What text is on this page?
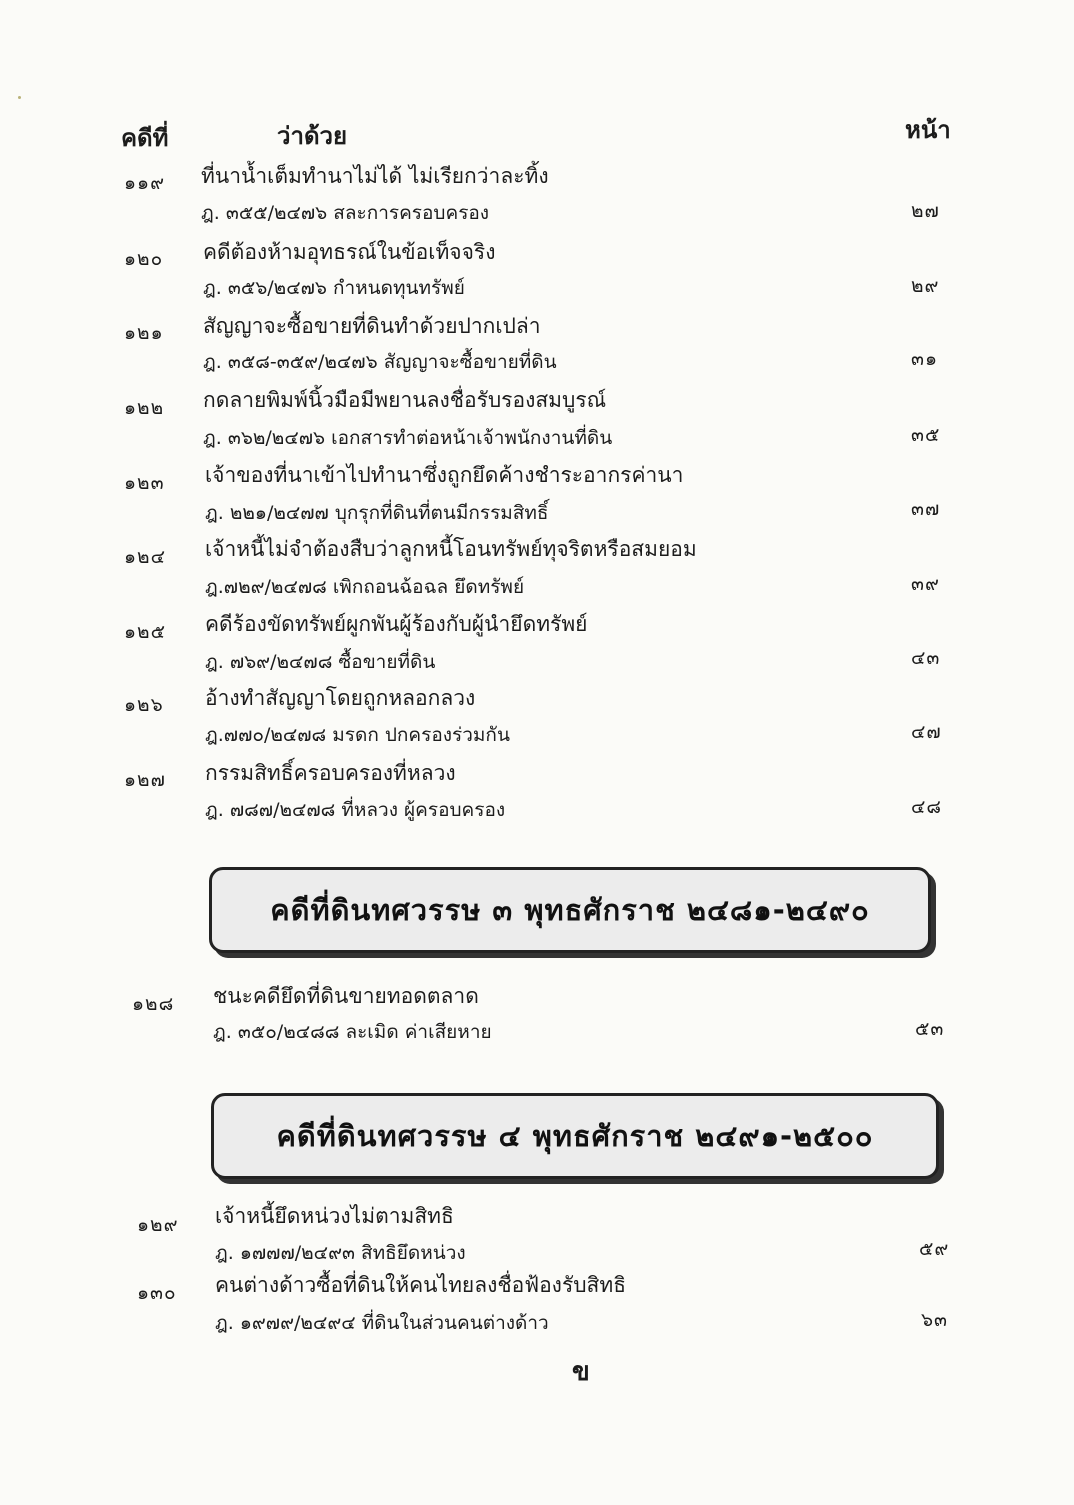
คดีที่	ว่าด้วย	หน้า
๑๑๙ ที่นาน้ำเต็มทำนาไม่ได้ ไม่เรียกว่าละทิ้ง
ฎ. ๓๕๕/๒๔๗๖ สละการครอบครอง	๒๗
๑๒๐ คดีต้องห้ามอุทธรณ์ในข้อเท็จจริง
ฎ. ๓๕๖/๒๔๗๖ กำหนดทุนทรัพย์	๒๙
๑๒๑ สัญญาจะซื้อขายที่ดินทำด้วยปากเปล่า
ฎ. ๓๕๘-๓๕๙/๒๔๗๖ สัญญาจะซื้อขายที่ดิน	๓๑
๑๒๒ กดลายพิมพ์นิ้วมือมีพยานลงชื่อรับรองสมบูรณ์
ฎ. ๓๖๒/๒๔๗๖ เอกสารทำต่อหน้าเจ้าพนักงานที่ดิน	๓๕
๑๒๓ เจ้าของที่นาเข้าไปทำนาซึ่งถูกยึดค้างชำระอากรค่านา
ฎ. ๒๒๑/๒๔๗๗ บุกรุกที่ดินที่ตนมีกรรมสิทธิ์	๓๗
๑๒๔ เจ้าหนี้ไม่จำต้องสืบว่าลูกหนี้โอนทรัพย์ทุจริตหรือสมยอม
ฎ.๗๒๙/๒๔๗๘ เพิกถอนฉ้อฉล ยึดทรัพย์	๓๙
๑๒๕ คดีร้องขัดทรัพย์ผูกพันผู้ร้องกับผู้นำยึดทรัพย์
ฎ. ๗๖๙/๒๔๗๘ ซื้อขายที่ดิน	๔๓
๑๒๖ อ้างทำสัญญาโดยถูกหลอกลวง
ฎ.๗๗๐/๒๔๗๘ มรดก ปกครองร่วมกัน	๔๗
๑๒๗ กรรมสิทธิ์ครอบครองที่หลวง
ฎ. ๗๘๗/๒๔๗๘ ที่หลวง ผู้ครอบครอง	๔๘
คดีที่ดินทศวรรษ ๓ พุทธศักราช ๒๔๘๑-๒๔๙๐
๑๒๘ ชนะคดียึดที่ดินขายทอดตลาด
ฎ. ๓๕๐/๒๔๘๘ ละเมิด ค่าเสียหาย	๕๓
คดีที่ดินทศวรรษ ๔ พุทธศักราช ๒๔๙๑-๒๕๐๐
๑๒๙ เจ้าหนี้ยึดหน่วงไม่ตามสิทธิ
ฎ. ๑๗๗๗/๒๔๙๓ สิทธิยึดหน่วง	๕๙
๑๓๐ คนต่างด้าวซื้อที่ดินให้คนไทยลงชื่อฟ้องรับสิทธิ
ฎ. ๑๙๗๙/๒๔๙๔ ที่ดินในส่วนคนต่างด้าว	๖๓
ข
